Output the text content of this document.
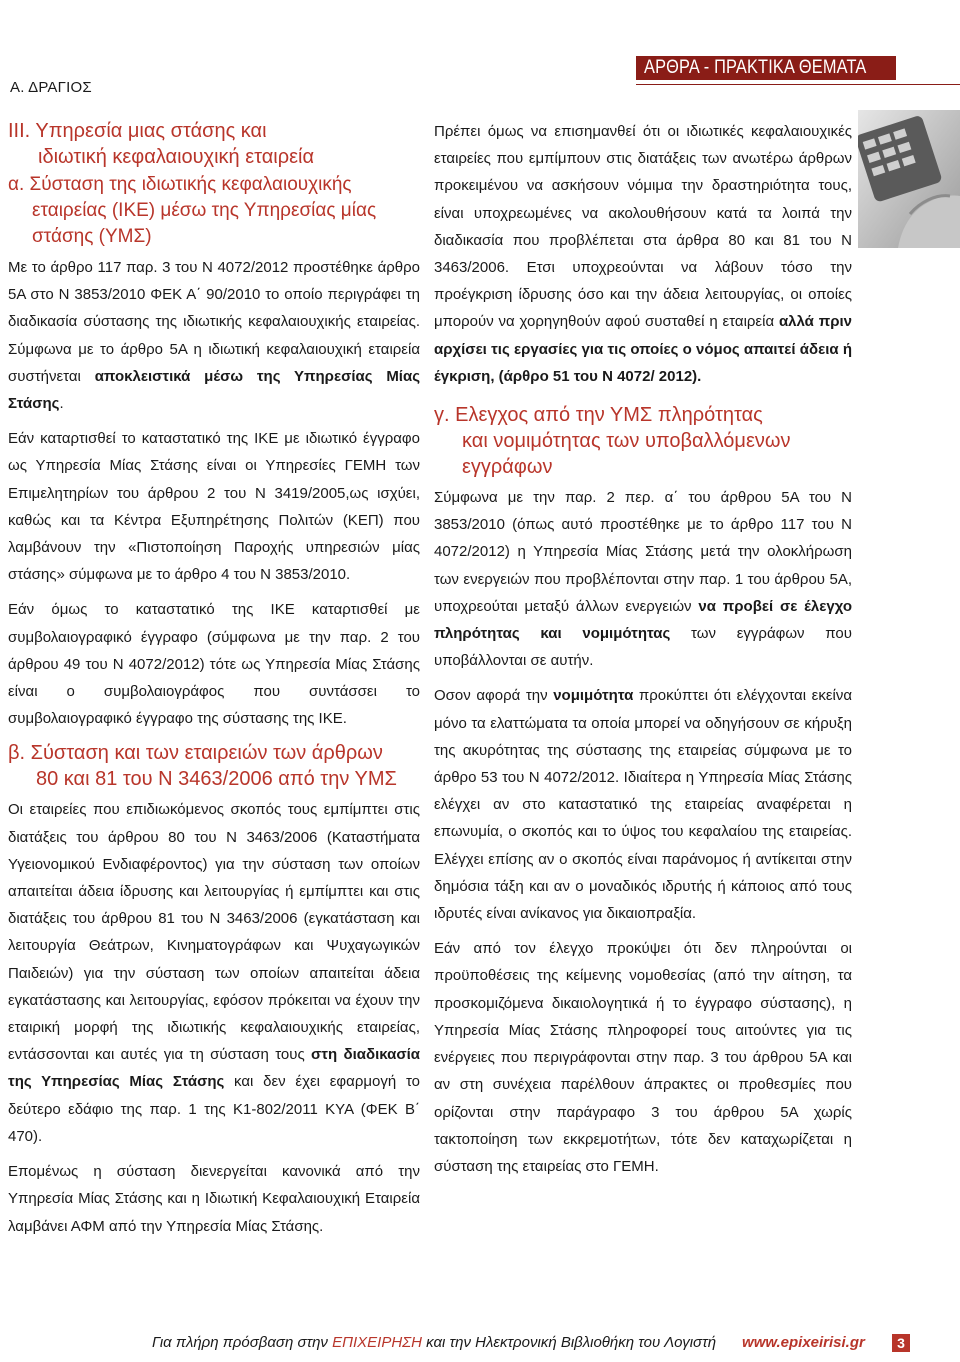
Α. ΔΡΑΓΙΟΣ
ΑΡΘΡΑ - ΠΡΑΚΤΙΚΑ ΘΕΜΑΤΑ
ΙΙΙ. Υπηρεσία μιας στάσης και
ιδιωτική κεφαλαιουχική εταιρεία
α. Σύσταση της ιδιωτικής κεφαλαιουχικής
εταιρείας (ΙΚΕ) μέσω της Υπηρεσίας μίας
στάσης (ΥΜΣ)

Με το άρθρο 117 παρ. 3 του Ν 4072/2012 προστέθηκε άρθρο 5Α στο Ν 3853/2010 ΦΕΚ Α΄ 90/2010 το οποίο περιγράφει τη διαδικασία σύστασης της ιδιωτικής κεφαλαιουχικής εταιρείας. Σύμφωνα με το άρθρο 5Α η ιδιωτική κεφαλαιουχική εταιρεία συστήνεται αποκλειστικά μέσω της Υπηρεσίας Μίας Στάσης.

Εάν καταρτισθεί το καταστατικό της ΙΚΕ με ιδιωτικό έγγραφο ως Υπηρεσία Μίας Στάσης είναι οι Υπηρεσίες ΓΕΜΗ των Επιμελητηρίων του άρθρου 2 του Ν 3419/2005,ως ισχύει, καθώς και τα Κέντρα Εξυπηρέτησης Πολιτών (ΚΕΠ) που λαμβάνουν την «Πιστοποίηση Παροχής υπηρεσιών μίας στάσης» σύμφωνα με το άρθρο 4 του Ν 3853/2010.

Εάν όμως το καταστατικό της ΙΚΕ καταρτισθεί με συμβολαιογραφικό έγγραφο (σύμφωνα με την παρ. 2 του άρθρου 49 του Ν 4072/2012) τότε ως Υπηρεσία Μίας Στάσης είναι ο συμβολαιογράφος που συντάσσει το συμβολαιογραφικό έγγραφο της σύστασης της ΙΚΕ.

β. Σύσταση και των εταιρειών των άρθρων
80 και 81 του Ν 3463/2006 από την ΥΜΣ

Οι εταιρείες που επιδιωκόμενος σκοπός τους εμπίμπτει στις διατάξεις του άρθρου 80 του Ν 3463/2006 (Καταστήματα Υγειονομικού Ενδιαφέροντος) για την σύσταση των οποίων απαιτείται άδεια ίδρυσης και λειτουργίας ή εμπίμπτει και στις διατάξεις του άρθρου 81 του Ν 3463/2006 (εγκατάσταση και λειτουργία Θεάτρων, Κινηματογράφων και Ψυχαγωγικών Παιδειών) για την σύσταση των οποίων απαιτείται άδεια εγκατάστασης και λειτουργίας, εφόσον πρόκειται να έχουν την εταιρική μορφή της ιδιωτικής κεφαλαιουχικής εταιρείας, εντάσσονται και αυτές για τη σύσταση τους στη διαδικασία της Υπηρεσίας Μίας Στάσης και δεν έχει εφαρμογή το δεύτερο εδάφιο της παρ. 1 της Κ1-802/2011 ΚΥΑ (ΦΕΚ Β΄ 470).

Επομένως η σύσταση διενεργείται κανονικά από την Υπηρεσία Μίας Στάσης και η Ιδιωτική Κεφαλαιουχική Εταιρεία λαμβάνει ΑΦΜ από την Υπηρεσία Μίας Στάσης.

Πρέπει όμως να επισημανθεί ότι οι ιδιωτικές κεφαλαιουχικές εταιρείες που εμπίμπουν στις διατάξεις των ανωτέρω άρθρων προκειμένου να ασκήσουν νόμιμα την δραστηριότητα τους, είναι υποχρεωμένες να ακολουθήσουν κατά τα λοιπά την διαδικασία που προβλέπεται στα άρθρα 80 και 81 του Ν 3463/2006. Ετσι υποχρεούνται να λάβουν τόσο την προέγκριση ίδρυσης όσο και την άδεια λειτουργίας, οι οποίες μπορούν να χορηγηθούν αφού συσταθεί η εταιρεία αλλά πριν αρχίσει τις εργασίες για τις οποίες ο νόμος απαιτεί άδεια ή έγκριση, (άρθρο 51 του Ν 4072/ 2012).

γ. Ελεγχος από την ΥΜΣ πληρότητας
και νομιμότητας των υποβαλλόμενων
εγγράφων

Σύμφωνα με την παρ. 2 περ. α΄ του άρθρου 5Α του Ν 3853/2010 (όπως αυτό προστέθηκε με το άρθρο 117 του Ν 4072/2012) η Υπηρεσία Μίας Στάσης μετά την ολοκλήρωση των ενεργειών που προβλέπονται στην παρ. 1 του άρθρου 5Α, υποχρεούται μεταξύ άλλων ενεργειών να προβεί σε έλεγχο πληρότητας και νομιμότητας των εγγράφων που υποβάλλονται σε αυτήν.

Οσον αφορά την νομιμότητα προκύπτει ότι ελέγχονται εκείνα μόνο τα ελαττώματα τα οποία μπορεί να οδηγήσουν σε κήρυξη της ακυρότητας της σύστασης της εταιρείας σύμφωνα με το άρθρο 53 του Ν 4072/2012. Ιδιαίτερα η Υπηρεσία Μίας Στάσης ελέγχει αν στο καταστατικό της εταιρείας αναφέρεται η επωνυμία, ο σκοπός και το ύψος του κεφαλαίου της εταιρείας. Ελέγχει επίσης αν ο σκοπός είναι παράνομος ή αντίκειται στην δημόσια τάξη και αν ο μοναδικός ιδρυτής ή κάποιος από τους ιδρυτές είναι ανίκανος για δικαιοπραξία.

Εάν από τον έλεγχο προκύψει ότι δεν πληρούνται οι προϋποθέσεις της κείμενης νομοθεσίας (από την αίτηση, τα προσκομιζόμενα δικαιολογητικά ή το έγγραφο σύστασης), η Υπηρεσία Μίας Στάσης πληροφορεί τους αιτούντες για τις ενέργειες που περιγράφονται στην παρ. 3 του άρθρου 5Α και αν στη συνέχεια παρέλθουν άπρακτες οι προθεσμίες που ορίζονται στην παράγραφο 3 του άρθρου 5Α χωρίς τακτοποίηση των εκκρεμοτήτων, τότε δεν καταχωρίζεται η σύσταση της εταιρείας στο ΓΕΜΗ.

Για πλήρη πρόσβαση στην ΕΠΙΧΕΙΡΗΣΗ και την Ηλεκτρονική Βιβλιοθήκη του Λογιστή www.epixeirisi.gr	3
